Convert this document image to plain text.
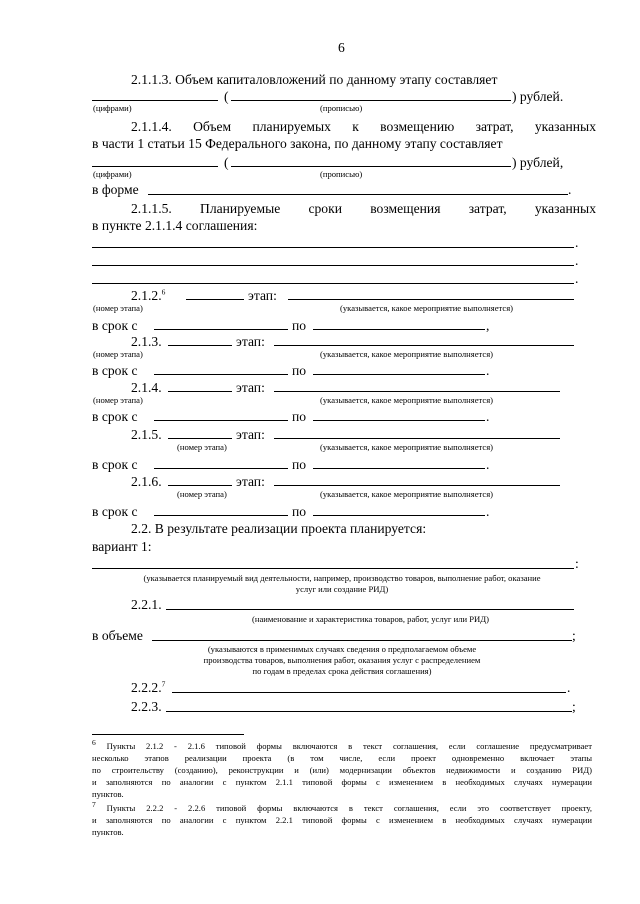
6
2.1.1.3. Объем капиталовложений по данному этапу составляет
(	) рублей.
(цифрами)	(прописью)
2.1.1.4. Объем планируемых к возмещению затрат, указанных
в части 1 статьи 15 Федерального закона, по данному этапу составляет
(	) рублей,
(цифрами)	(прописью)
в форме	.
2.1.1.5. Планируемые сроки возмещения затрат, указанных
в пункте 2.1.1.4 соглашения:
.
.
.
2.1.2.$^6$	этап:
(номер этапа)	(указывается, какое мероприятие выполняется)
в срок с	по	,
2.1.3.	этап:
(номер этапа)	(указывается, какое мероприятие выполняется)
в срок с	по	.
2.1.4.	этап:
(номер этапа)	(указывается, какое мероприятие выполняется)
в срок с	по	.
2.1.5.	этап:
(номер этапа)	(указывается, какое мероприятие выполняется)
в срок с	по	.
2.1.6.	этап:
(номер этапа)	(указывается, какое мероприятие выполняется)
в срок с	по	.
2.2. В результате реализации проекта планируется:
вариант 1:
:
(указывается планируемый вид деятельности, например, производство товаров, выполнение работ, оказание
услуг или создание РИД)
2.2.1.
(наименование и характеристика товаров, работ, услуг или РИД)
в объеме	;
(указываются в применимых случаях сведения о предполагаемом объеме
производства товаров, выполнения работ, оказания услуг с распределением
по годам в пределах срока действия соглашения)
2.2.2.$^7$	.
2.2.3.	;
$^6$ Пункты 2.1.2 - 2.1.6 типовой формы включаются в текст соглашения, если соглашение предусматривает
несколько этапов реализации проекта (в том числе, если проект одновременно включает этапы
по строительству (созданию), реконструкции и (или) модернизации объектов недвижимости и созданию РИД)
и заполняются по аналогии с пунктом 2.1.1 типовой формы с изменением в необходимых случаях нумерации
пунктов.
$^7$ Пункты 2.2.2 - 2.2.6 типовой формы включаются в текст соглашения, если это соответствует проекту,
и заполняются по аналогии с пунктом 2.2.1 типовой формы с изменением в необходимых случаях нумерации
пунктов.
